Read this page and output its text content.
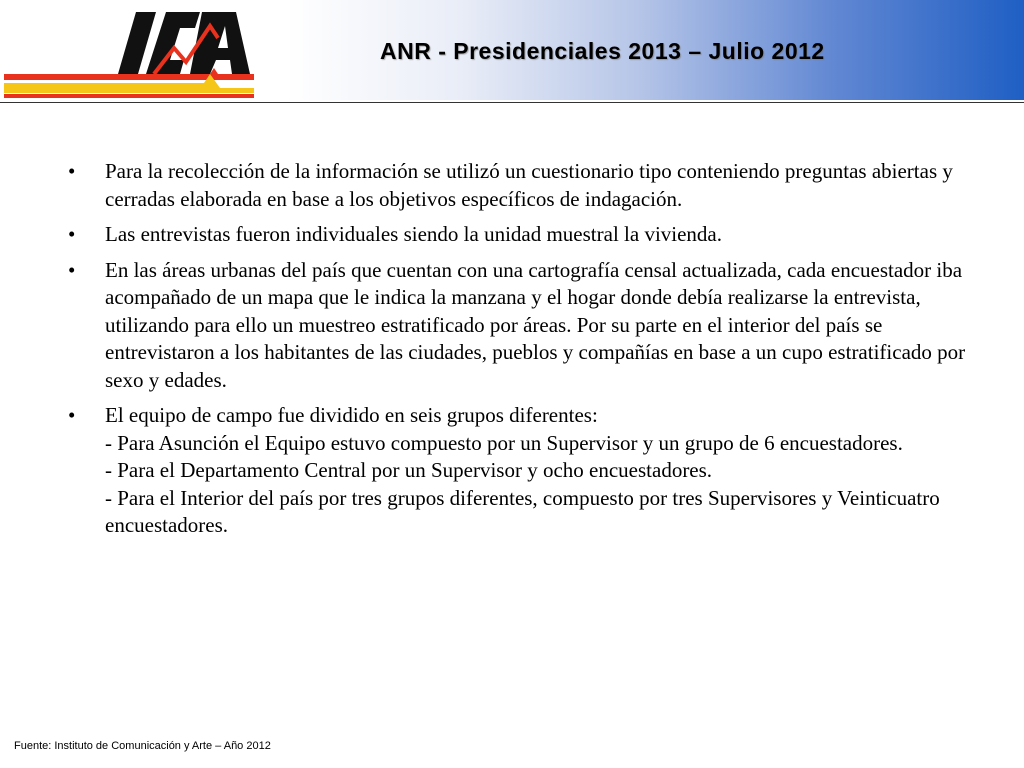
ANR - Presidenciales 2013 – Julio 2012
•	Para la recolección de la información se utilizó un cuestionario tipo conteniendo preguntas abiertas y cerradas elaborada en base a los objetivos específicos de indagación.
•	Las entrevistas fueron individuales siendo la unidad muestral la vivienda.
•	En las áreas urbanas del país que cuentan con una cartografía censal actualizada, cada encuestador iba acompañado de un mapa que le indica la manzana y el hogar donde debía realizarse la entrevista, utilizando para ello un muestreo estratificado por áreas. Por su parte en el interior del país se entrevistaron a los habitantes de las ciudades, pueblos y compañías en base a un cupo estratificado por sexo y edades.
•	El equipo de campo fue dividido en seis grupos diferentes:
- Para Asunción el Equipo estuvo compuesto por un Supervisor y un grupo de 6 encuestadores.
- Para el Departamento Central por un Supervisor y ocho encuestadores.
- Para el Interior del país por tres grupos diferentes, compuesto por tres Supervisores y Veinticuatro encuestadores.
Fuente: Instituto de Comunicación y Arte – Año 2012
